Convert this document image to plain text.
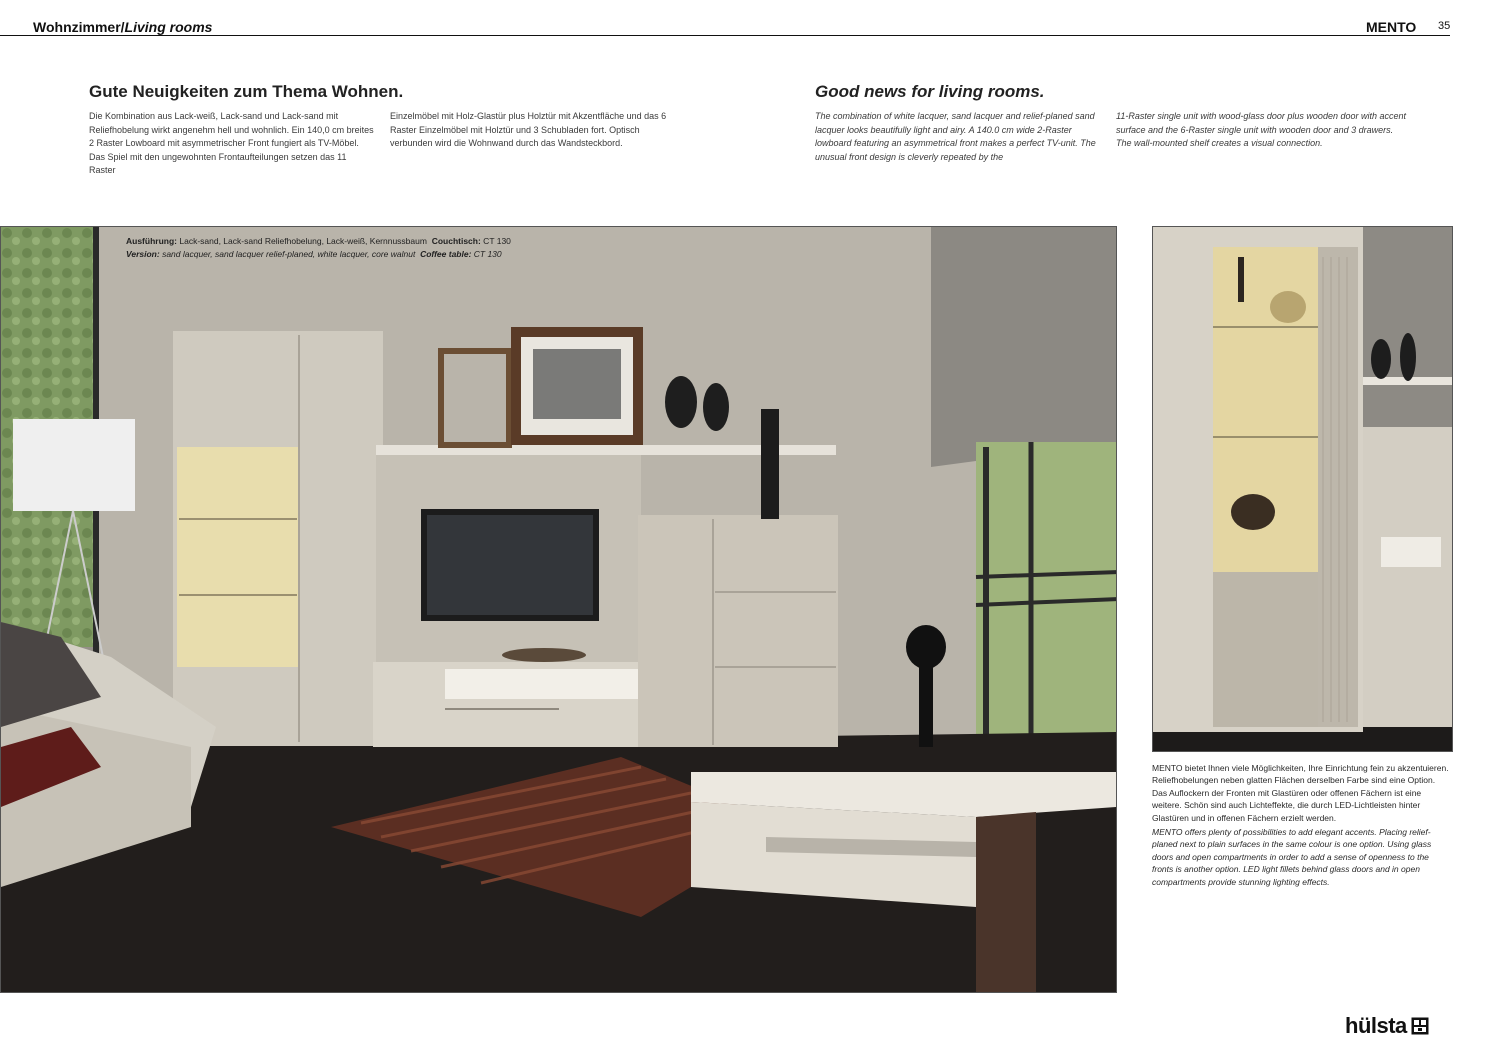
Wohnzimmer/Living rooms	MENTO 35
Gute Neuigkeiten zum Thema Wohnen.	Good news for living rooms.
Die Kombination aus Lack-weiß, Lack-sand und Lack-sand mit Reliefhobelung wirkt angenehm hell und wohnlich. Ein 140,0 cm breites 2 Raster Lowboard mit asymmetrischer Front fungiert als TV-Möbel. Das Spiel mit den ungewohnten Frontaufteilungen setzen das 11 Raster
Einzelmöbel mit Holz-Glastür plus Holztür mit Akzentfläche und das 6 Raster Einzelmöbel mit Holztür und 3 Schubladen fort. Optisch verbunden wird die Wohnwand durch das Wandsteckbord.
The combination of white lacquer, sand lacquer and relief-planed sand lacquer looks beautifully light and airy. A 140.0 cm wide 2-Raster lowboard featuring an asymmetrical front makes a perfect TV-unit. The unusual front design is cleverly repeated by the
11-Raster single unit with wood-glass door plus wooden door with accent surface and the 6-Raster single unit with wooden door and 3 drawers. The wall-mounted shelf creates a visual connection.
Ausführung: Lack-sand, Lack-sand Reliefhobelung, Lack-weiß, Kernnussbaum Couchtisch: CT 130
Version: sand lacquer, sand lacquer relief-planed, white lacquer, core walnut Coffee table: CT 130

MENTO bietet Ihnen viele Möglichkeiten, Ihre Einrichtung fein zu akzentuieren. Reliefhobelungen neben glatten Flächen derselben Farbe sind eine Option. Das Auflockern der Fronten mit Glastüren oder offenen Fächern ist eine weitere. Schön sind auch Lichteffekte, die durch LED-Lichtleisten hinter Glastüren und in offenen Fächern erzielt werden.

MENTO offers plenty of possibilities to add elegant accents. Placing relief-planed next to plain surfaces in the same colour is one option. Using glass doors and open compartments in order to add a sense of openness to the fronts is another option. LED light fillets behind glass doors and in open compartments provide stunning lighting effects.

hülsta
